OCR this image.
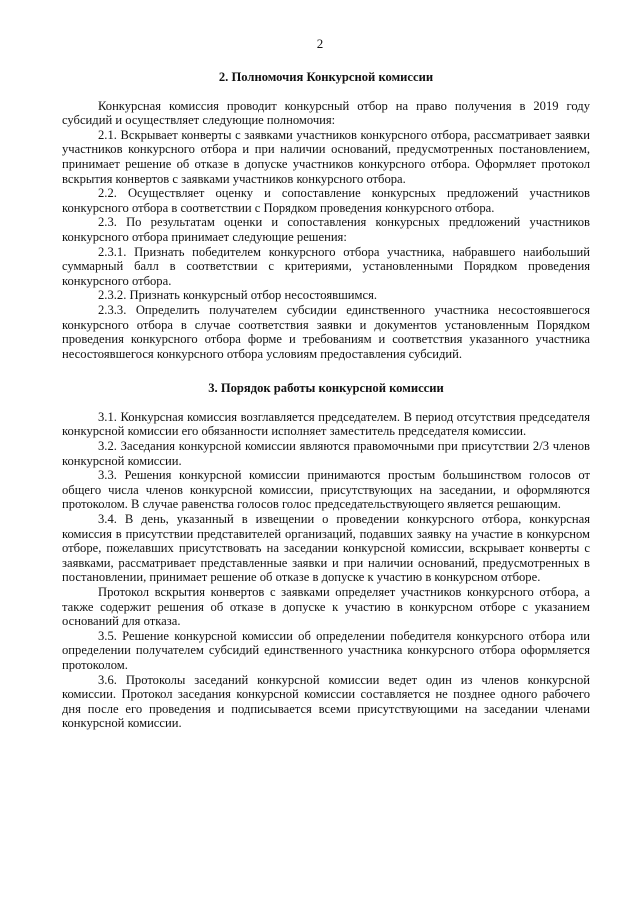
2

2. Полномочия Конкурсной комиссии

Конкурсная комиссия проводит конкурсный отбор на право получения в 2019 году субсидий и осуществляет следующие полномочия:

2.1. Вскрывает конверты с заявками участников конкурсного отбора, рассматривает заявки участников конкурсного отбора и при наличии оснований, предусмотренных постановлением, принимает решение об отказе в допуске участников конкурсного отбора. Оформляет протокол вскрытия конвертов с заявками участников конкурсного отбора.

2.2. Осуществляет оценку и сопоставление конкурсных предложений участников конкурсного отбора в соответствии с Порядком проведения конкурсного отбора.

2.3. По результатам оценки и сопоставления конкурсных предложений участников конкурсного отбора принимает следующие решения:

2.3.1. Признать победителем конкурсного отбора участника, набравшего наибольший суммарный балл в соответствии с критериями, установленными Порядком проведения конкурсного отбора.

2.3.2. Признать конкурсный отбор несостоявшимся.

2.3.3. Определить получателем субсидии единственного участника несостоявшегося конкурсного отбора в случае соответствия заявки и документов установленным Порядком проведения конкурсного отбора форме и требованиям и соответствия указанного участника несостоявшегося конкурсного отбора условиям предоставления субсидий.

3. Порядок работы конкурсной комиссии

3.1. Конкурсная комиссия возглавляется председателем. В период отсутствия председателя конкурсной комиссии его обязанности исполняет заместитель председателя комиссии.

3.2. Заседания конкурсной комиссии являются правомочными при присутствии 2/3 членов конкурсной комиссии.

3.3. Решения конкурсной комиссии принимаются простым большинством голосов от общего числа членов конкурсной комиссии, присутствующих на заседании, и оформляются протоколом. В случае равенства голосов голос председательствующего является решающим.

3.4. В день, указанный в извещении о проведении конкурсного отбора, конкурсная комиссия в присутствии представителей организаций, подавших заявку на участие в конкурсном отборе, пожелавших присутствовать на заседании конкурсной комиссии, вскрывает конверты с заявками, рассматривает представленные заявки и при наличии оснований, предусмотренных в постановлении, принимает решение об отказе в допуске к участию в конкурсном отборе.

Протокол вскрытия конвертов с заявками определяет участников конкурсного отбора, а также содержит решения об отказе в допуске к участию в конкурсном отборе с указанием оснований для отказа.

3.5. Решение конкурсной комиссии об определении победителя конкурсного отбора или определении получателем субсидий единственного участника конкурсного отбора оформляется протоколом.

3.6. Протоколы заседаний конкурсной комиссии ведет один из членов конкурсной комиссии. Протокол заседания конкурсной комиссии составляется не позднее одного рабочего дня после его проведения и подписывается всеми присутствующими на заседании членами конкурсной комиссии.
